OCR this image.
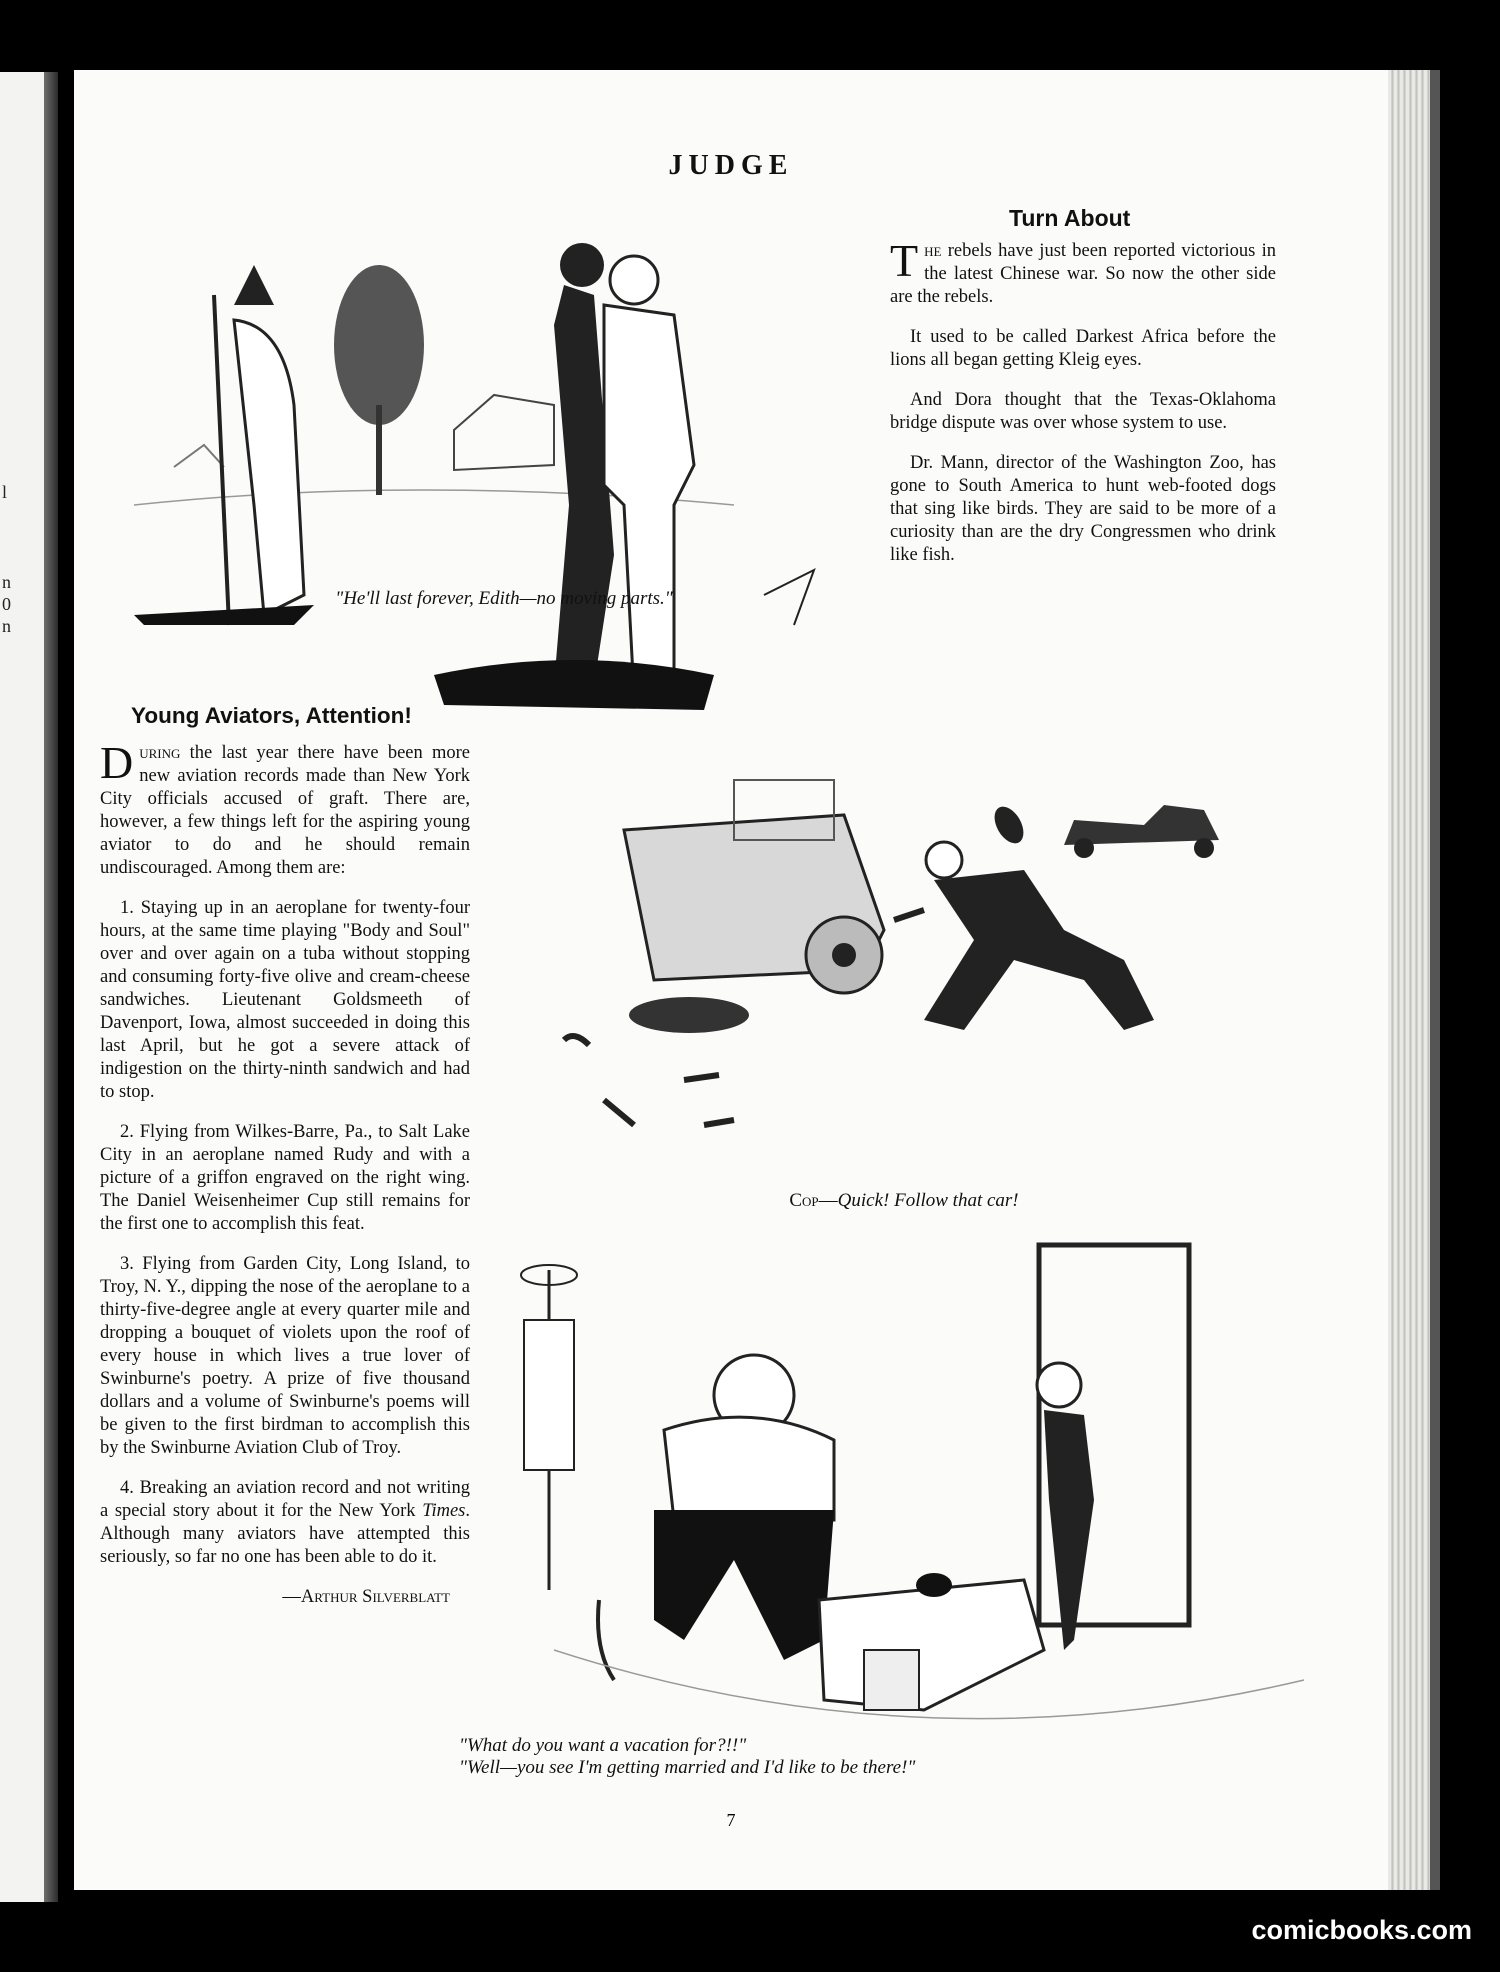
l
n
0
n
JUDGE
"He'll last forever, Edith—no moving parts."
Turn About

The rebels have just been reported victorious in the latest Chinese war. So now the other side are the rebels.

It used to be called Darkest Africa before the lions all began getting Kleig eyes.

And Dora thought that the Texas-Oklahoma bridge dispute was over whose system to use.

Dr. Mann, director of the Washington Zoo, has gone to South America to hunt web-footed dogs that sing like birds. They are said to be more of a curiosity than are the dry Congressmen who drink like fish.

Young Aviators, Attention!

During the last year there have been more new aviation records made than New York City officials accused of graft. There are, however, a few things left for the aspiring young aviator to do and he should remain undiscouraged. Among them are:

1. Staying up in an aeroplane for twenty-four hours, at the same time playing "Body and Soul" over and over again on a tuba without stopping and consuming forty-five olive and cream-cheese sandwiches. Lieutenant Goldsmeeth of Davenport, Iowa, almost succeeded in doing this last April, but he got a severe attack of indigestion on the thirty-ninth sandwich and had to stop.

2. Flying from Wilkes-Barre, Pa., to Salt Lake City in an aeroplane named Rudy and with a picture of a griffon engraved on the right wing. The Daniel Weisenheimer Cup still remains for the first one to accomplish this feat.

3. Flying from Garden City, Long Island, to Troy, N. Y., dipping the nose of the aeroplane to a thirty-five-degree angle at every quarter mile and dropping a bouquet of violets upon the roof of every house in which lives a true lover of Swinburne's poetry. A prize of five thousand dollars and a volume of Swinburne's poems will be given to the first birdman to accomplish this by the Swinburne Aviation Club of Troy.

4. Breaking an aviation record and not writing a special story about it for the New York Times. Although many aviators have attempted this seriously, so far no one has been able to do it.

—Arthur Silverblatt
Cop—Quick! Follow that car!
"What do you want a vacation for?!!"
"Well—you see I'm getting married and I'd like to be there!"
7
comicbooks.com
